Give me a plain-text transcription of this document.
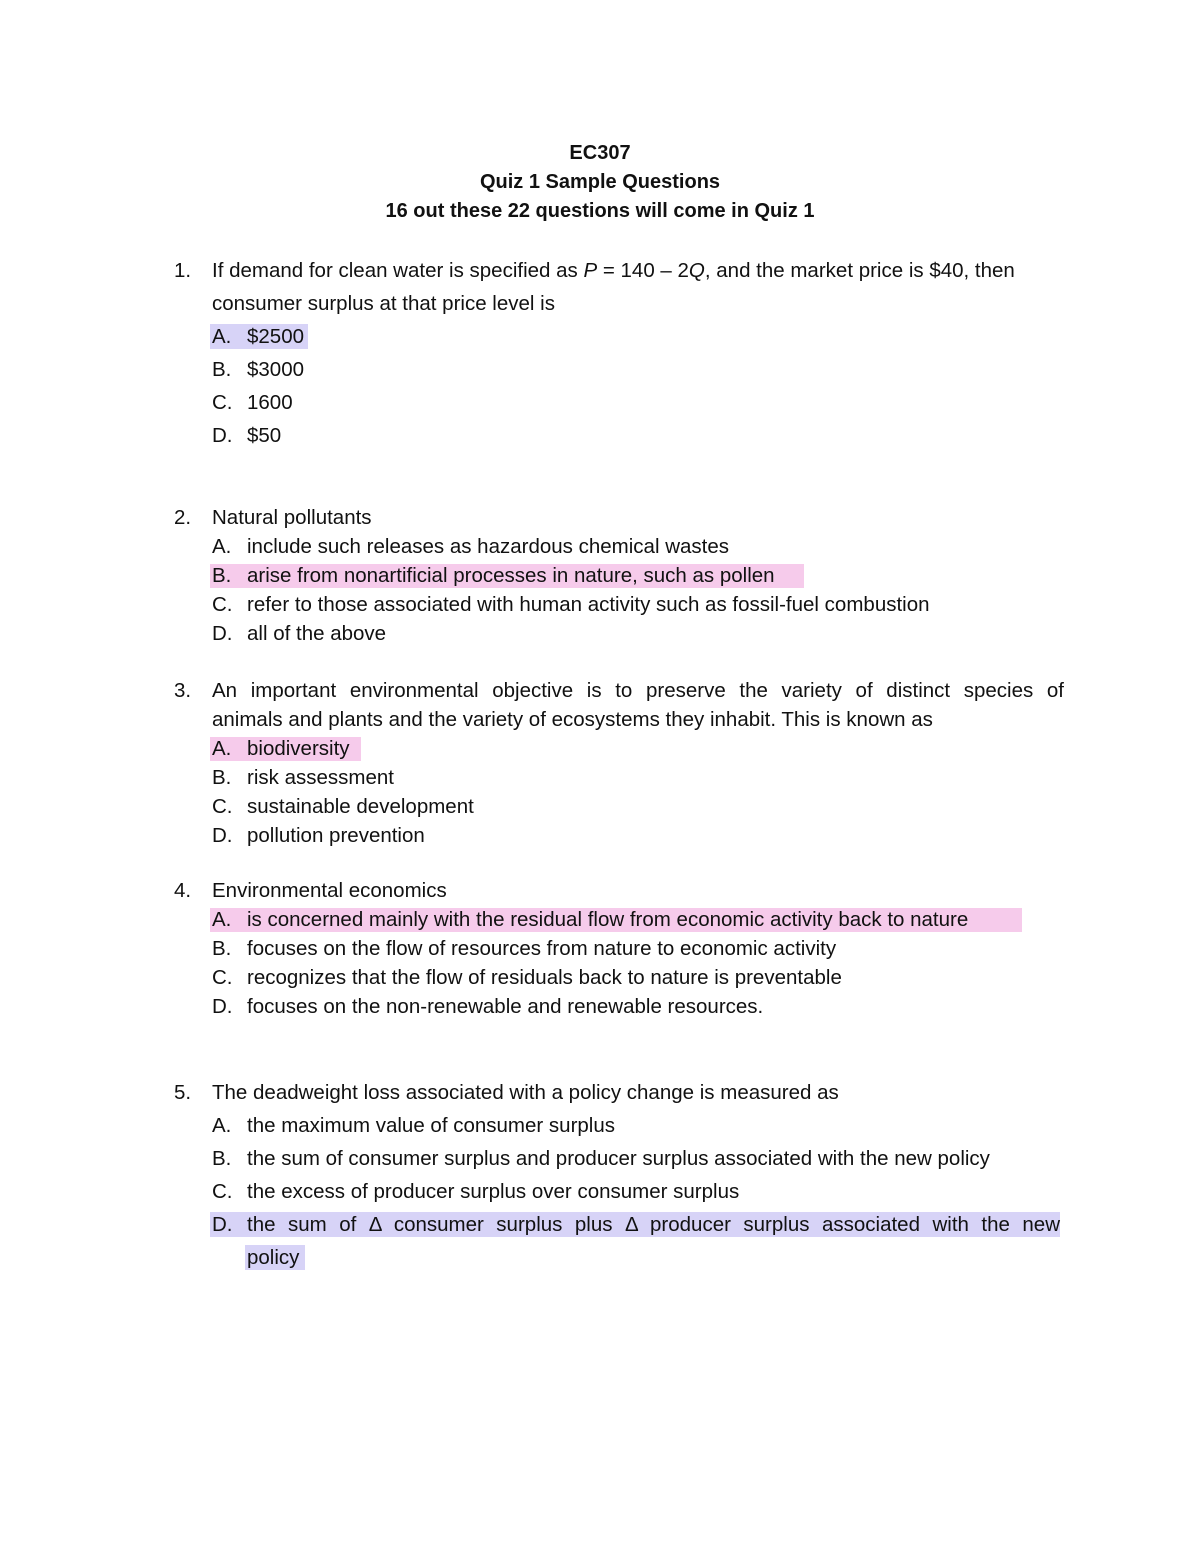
EC307
Quiz 1 Sample Questions
16 out these 22 questions will come in Quiz 1
1. If demand for clean water is specified as P = 140 – 2Q, and the market price is $40, then
consumer surplus at that price level is
A. $2500
B. $3000
C. 1600
D. $50
2. Natural pollutants
A. include such releases as hazardous chemical wastes
B. arise from nonartificial processes in nature, such as pollen
C. refer to those associated with human activity such as fossil-fuel combustion
D. all of the above
3. An important environmental objective is to preserve the variety of distinct species of
animals and plants and the variety of ecosystems they inhabit. This is known as
A. biodiversity
B. risk assessment
C. sustainable development
D. pollution prevention
4. Environmental economics
A. is concerned mainly with the residual flow from economic activity back to nature
B. focuses on the flow of resources from nature to economic activity
C. recognizes that the flow of residuals back to nature is preventable
D. focuses on the non-renewable and renewable resources.
5. The deadweight loss associated with a policy change is measured as
A. the maximum value of consumer surplus
B. the sum of consumer surplus and producer surplus associated with the new policy
C. the excess of producer surplus over consumer surplus
D. the sum of Δ consumer surplus plus Δ producer surplus associated with the new
policy
